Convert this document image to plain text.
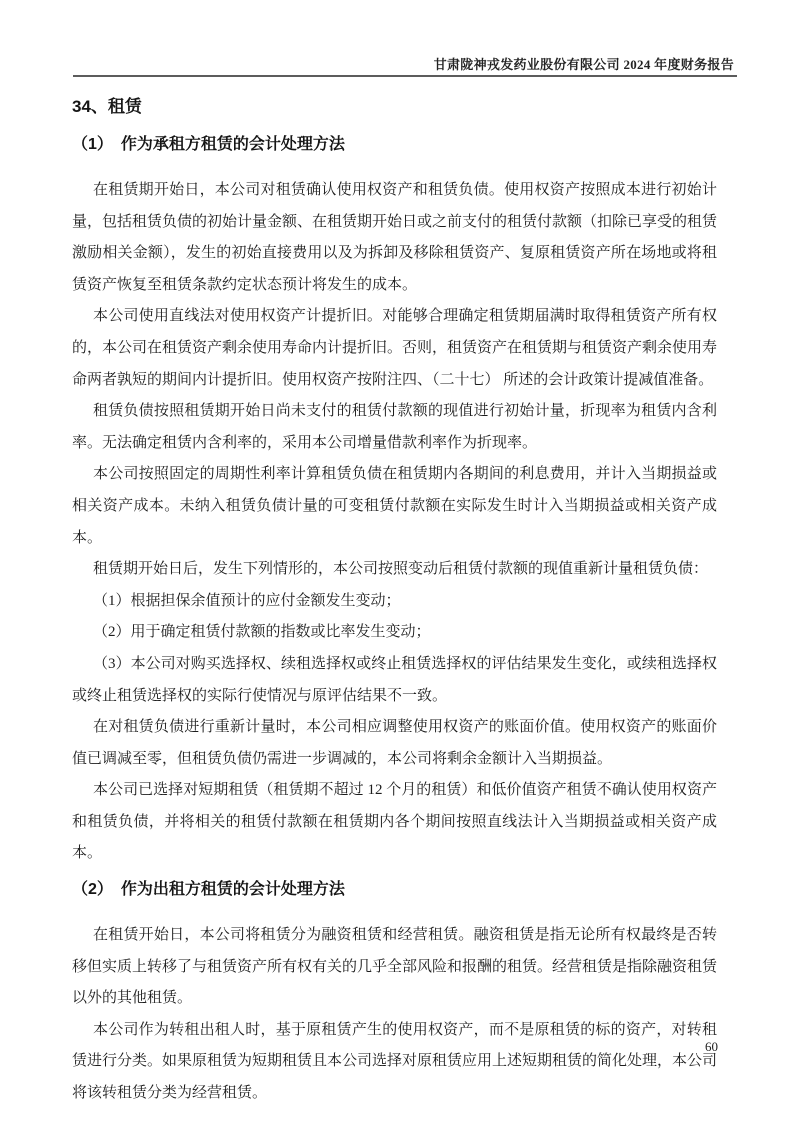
甘肃陇神戎发药业股份有限公司 2024 年度财务报告
34、租赁
（1）　作为承租方租赁的会计处理方法

在租赁期开始日，本公司对租赁确认使用权资产和租赁负债。使用权资产按照成本进行初始计量，包括租赁负债的初始计量金额、在租赁期开始日或之前支付的租赁付款额（扣除已享受的租赁激励相关金额），发生的初始直接费用以及为拆卸及移除租赁资产、复原租赁资产所在场地或将租赁资产恢复至租赁条款约定状态预计将发生的成本。

本公司使用直线法对使用权资产计提折旧。对能够合理确定租赁期届满时取得租赁资产所有权的，本公司在租赁资产剩余使用寿命内计提折旧。否则，租赁资产在租赁期与租赁资产剩余使用寿命两者孰短的期间内计提折旧。使用权资产按附注四、（二十七） 所述的会计政策计提减值准备。

租赁负债按照租赁期开始日尚未支付的租赁付款额的现值进行初始计量，折现率为租赁内含利率。无法确定租赁内含利率的，采用本公司增量借款利率作为折现率。

本公司按照固定的周期性利率计算租赁负债在租赁期内各期间的利息费用，并计入当期损益或相关资产成本。未纳入租赁负债计量的可变租赁付款额在实际发生时计入当期损益或相关资产成本。

租赁期开始日后，发生下列情形的，本公司按照变动后租赁付款额的现值重新计量租赁负债：

（1）根据担保余值预计的应付金额发生变动；

（2）用于确定租赁付款额的指数或比率发生变动；

（3）本公司对购买选择权、续租选择权或终止租赁选择权的评估结果发生变化，或续租选择权或终止租赁选择权的实际行使情况与原评估结果不一致。

在对租赁负债进行重新计量时，本公司相应调整使用权资产的账面价值。使用权资产的账面价值已调减至零，但租赁负债仍需进一步调减的，本公司将剩余金额计入当期损益。

本公司已选择对短期租赁（租赁期不超过 12 个月的租赁）和低价值资产租赁不确认使用权资产和租赁负债，并将相关的租赁付款额在租赁期内各个期间按照直线法计入当期损益或相关资产成本。

（2）　作为出租方租赁的会计处理方法

在租赁开始日，本公司将租赁分为融资租赁和经营租赁。融资租赁是指无论所有权最终是否转移但实质上转移了与租赁资产所有权有关的几乎全部风险和报酬的租赁。经营租赁是指除融资租赁以外的其他租赁。

本公司作为转租出租人时，基于原租赁产生的使用权资产，而不是原租赁的标的资产，对转租赁进行分类。如果原租赁为短期租赁且本公司选择对原租赁应用上述短期租赁的简化处理，本公司将该转租赁分类为经营租赁。

60
